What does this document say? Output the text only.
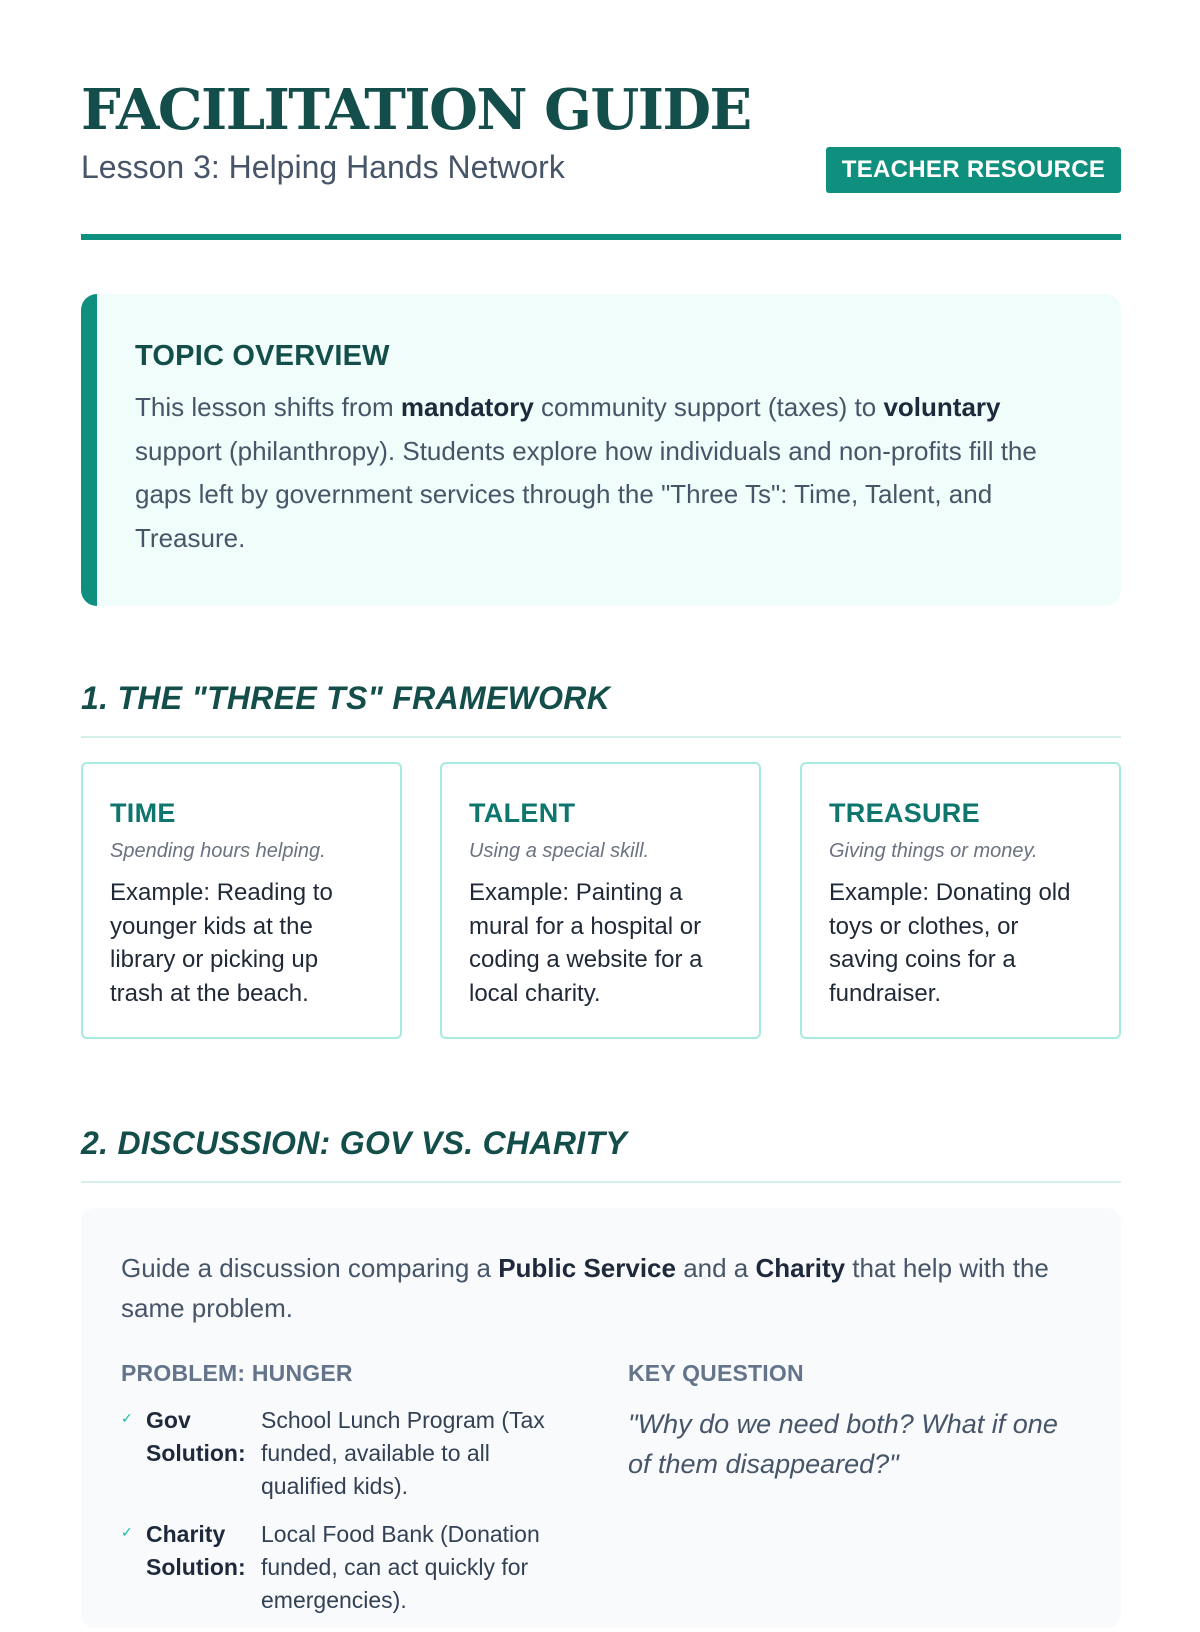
FACILITATION GUIDE
Lesson 3: Helping Hands Network	TEACHER RESOURCE
TOPIC OVERVIEW

This lesson shifts from mandatory community support (taxes) to voluntary support (philanthropy). Students explore how individuals and non-profits fill the gaps left by government services through the "Three Ts": Time, Talent, and Treasure.

1. THE "THREE TS" FRAMEWORK
TIME
Spending hours helping.
Example: Reading to younger kids at the library or picking up trash at the beach.
TALENT
Using a special skill.
Example: Painting a mural for a hospital or coding a website for a local charity.
TREASURE
Giving things or money.
Example: Donating old toys or clothes, or saving coins for a fundraiser.
2. DISCUSSION: GOV VS. CHARITY

Guide a discussion comparing a Public Service and a Charity that help with the same problem.

PROBLEM: HUNGER	KEY QUESTION
✓ Gov Solution:
School Lunch Program (Tax funded, available to all qualified kids).
✓ Charity Solution:
Local Food Bank (Donation funded, can act quickly for emergencies).
"Why do we need both? What if one of them disappeared?"
